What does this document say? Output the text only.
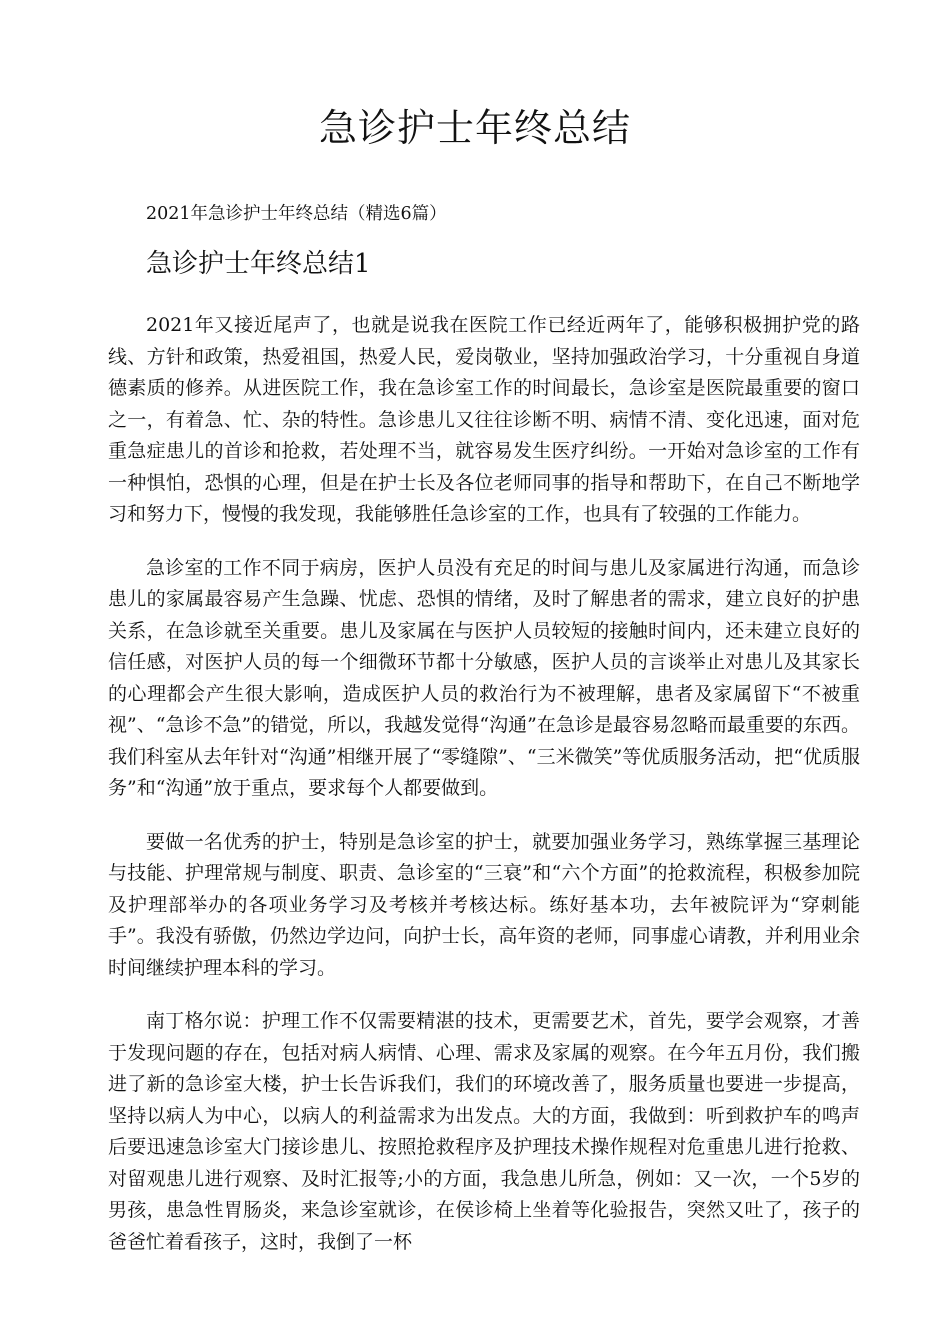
急诊护士年终总结

2021年急诊护士年终总结（精选6篇）

急诊护士年终总结1

2021年又接近尾声了，也就是说我在医院工作已经近两年了，能够积极拥护党的路线、方针和政策，热爱祖国，热爱人民，爱岗敬业，坚持加强政治学习，十分重视自身道德素质的修养。从进医院工作，我在急诊室工作的时间最长，急诊室是医院最重要的窗口之一，有着急、忙、杂的特性。急诊患儿又往往诊断不明、病情不清、变化迅速，面对危重急症患儿的首诊和抢救，若处理不当，就容易发生医疗纠纷。一开始对急诊室的工作有一种惧怕，恐惧的心理，但是在护士长及各位老师同事的指导和帮助下，在自己不断地学习和努力下，慢慢的我发现，我能够胜任急诊室的工作，也具有了较强的工作能力。

急诊室的工作不同于病房，医护人员没有充足的时间与患儿及家属进行沟通，而急诊患儿的家属最容易产生急躁、忧虑、恐惧的情绪，及时了解患者的需求，建立良好的护患关系，在急诊就至关重要。患儿及家属在与医护人员较短的接触时间内，还未建立良好的信任感，对医护人员的每一个细微环节都十分敏感，医护人员的言谈举止对患儿及其家长的心理都会产生很大影响，造成医护人员的救治行为不被理解，患者及家属留下“不被重视”、“急诊不急”的错觉，所以，我越发觉得“沟通”在急诊是最容易忽略而最重要的东西。我们科室从去年针对“沟通”相继开展了“零缝隙”、“三米微笑”等优质服务活动，把“优质服务”和“沟通”放于重点，要求每个人都要做到。

要做一名优秀的护士，特别是急诊室的护士，就要加强业务学习，熟练掌握三基理论与技能、护理常规与制度、职责、急诊室的“三衰”和“六个方面”的抢救流程，积极参加院及护理部举办的各项业务学习及考核并考核达标。练好基本功，去年被院评为“穿刺能手”。我没有骄傲，仍然边学边问，向护士长，高年资的老师，同事虚心请教，并利用业余时间继续护理本科的学习。

南丁格尔说：护理工作不仅需要精湛的技术，更需要艺术，首先，要学会观察，才善于发现问题的存在，包括对病人病情、心理、需求及家属的观察。在今年五月份，我们搬进了新的急诊室大楼，护士长告诉我们，我们的环境改善了，服务质量也要进一步提高，坚持以病人为中心，以病人的利益需求为出发点。大的方面，我做到：听到救护车的鸣声后要迅速急诊室大门接诊患儿、按照抢救程序及护理技术操作规程对危重患儿进行抢救、对留观患儿进行观察、及时汇报等;小的方面，我急患儿所急，例如：又一次，一个5岁的男孩，患急性胃肠炎，来急诊室就诊，在侯诊椅上坐着等化验报告，突然又吐了，孩子的爸爸忙着看孩子，这时，我倒了一杯
